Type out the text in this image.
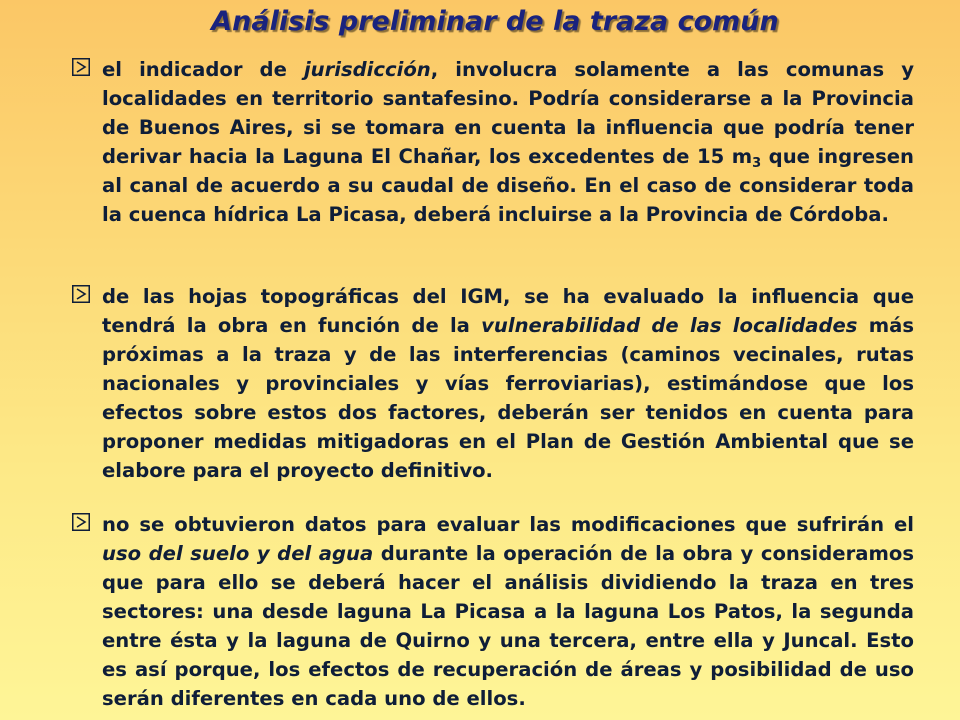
Análisis preliminar de la traza común
el indicador de jurisdicción, involucra solamente a las comunas y localidades en territorio santafesino. Podría considerarse a la Provincia de Buenos Aires, si se tomara en cuenta la influencia que podría tener derivar hacia la Laguna El Chañar, los excedentes de 15 $m_3$ que ingresen al canal de acuerdo a su caudal de diseño. En el caso de considerar toda la cuenca hídrica La Picasa, deberá incluirse a la Provincia de Córdoba.
de las hojas topográficas del IGM, se ha evaluado la influencia que tendrá la obra en función de la vulnerabilidad de las localidades más próximas a la traza y de las interferencias (caminos vecinales, rutas nacionales y provinciales y vías ferroviarias), estimándose que los efectos sobre estos dos factores, deberán ser tenidos en cuenta para proponer medidas mitigadoras en el Plan de Gestión Ambiental que se elabore para el proyecto definitivo.
no se obtuvieron datos para evaluar las modificaciones que sufrirán el uso del suelo y del agua durante la operación de la obra y consideramos que para ello se deberá hacer el análisis dividiendo la traza en tres sectores: una desde laguna La Picasa a la laguna Los Patos, la segunda entre ésta y la laguna de Quirno y una tercera, entre ella y Juncal. Esto es así porque, los efectos de recuperación de áreas y posibilidad de uso serán diferentes en cada uno de ellos.
